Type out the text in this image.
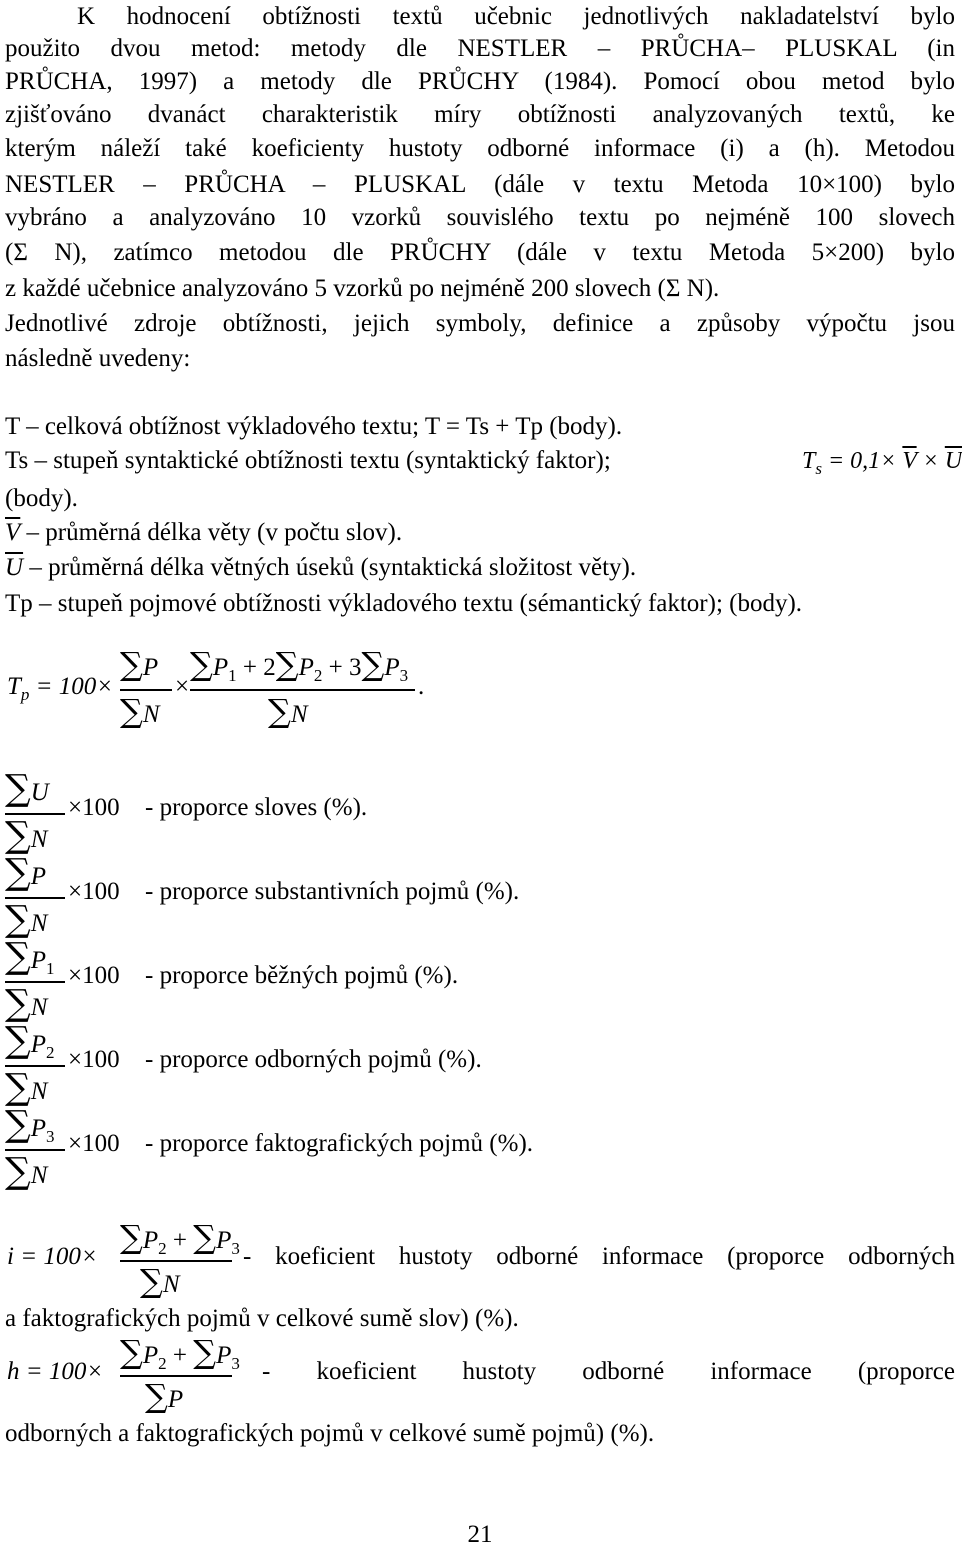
K hodnocení obtížnosti textů učebnic jednotlivých nakladatelství bylo
použito dvou metod: metody dle NESTLER – PRŮCHA– PLUSKAL (in
PRŮCHA, 1997) a metody dle PRŮCHY (1984). Pomocí obou metod bylo
zjišťováno dvanáct charakteristik míry obtížnosti analyzovaných textů, ke
kterým náleží také koeficienty hustoty odborné informace (i) a (h). Metodou
NESTLER – PRŮCHA – PLUSKAL (dále v textu Metoda 10×100) bylo
vybráno a analyzováno 10 vzorků souvislého textu po nejméně 100 slovech
(Σ N), zatímco metodou dle PRŮCHY (dále v textu Metoda 5×200) bylo
z každé učebnice analyzováno 5 vzorků po nejméně 200 slovech (Σ N).
Jednotlivé zdroje obtížnosti, jejich symboly, definice a způsoby výpočtu jsou
následně uvedeny:
T – celková obtížnost výkladového textu; T = Ts + Tp (body).
Ts – stupeň syntaktické obtížnosti textu (syntaktický faktor);	$T_s = 0,1\times \overline{V} \times \overline{U}$
(body).
$\overline{V}$ – průměrná délka věty (v počtu slov).
$\overline{U}$ – průměrná délka větných úseků (syntaktická složitost věty).
Tp – stupeň pojmové obtížnosti výkladového textu (sémantický faktor); (body).
$T_p = 100\times$
∑P
∑N
×
$\sum P_1 + 2\sum P_2 + 3\sum P_3$
∑N
.
∑U
∑N
×100 - proporce sloves (%).
∑P
∑N
×100 - proporce substantivních pojmů (%).
$\sum P_1$
∑N
×100 - proporce běžných pojmů (%).
$\sum P_2$
∑N
×100 - proporce odborných pojmů (%).
$\sum P_3$
∑N
×100 - proporce faktografických pojmů (%).
i = 100×
$\sum P_2 + \sum P_3$
∑N
- koeficient hustoty odborné informace (proporce odborných
a faktografických pojmů v celkové sumě slov) (%).
h = 100×
$\sum P_2 + \sum P_3$
∑P
- koeficient hustoty odborné informace (proporce
odborných a faktografických pojmů v celkové sumě pojmů) (%).
21
